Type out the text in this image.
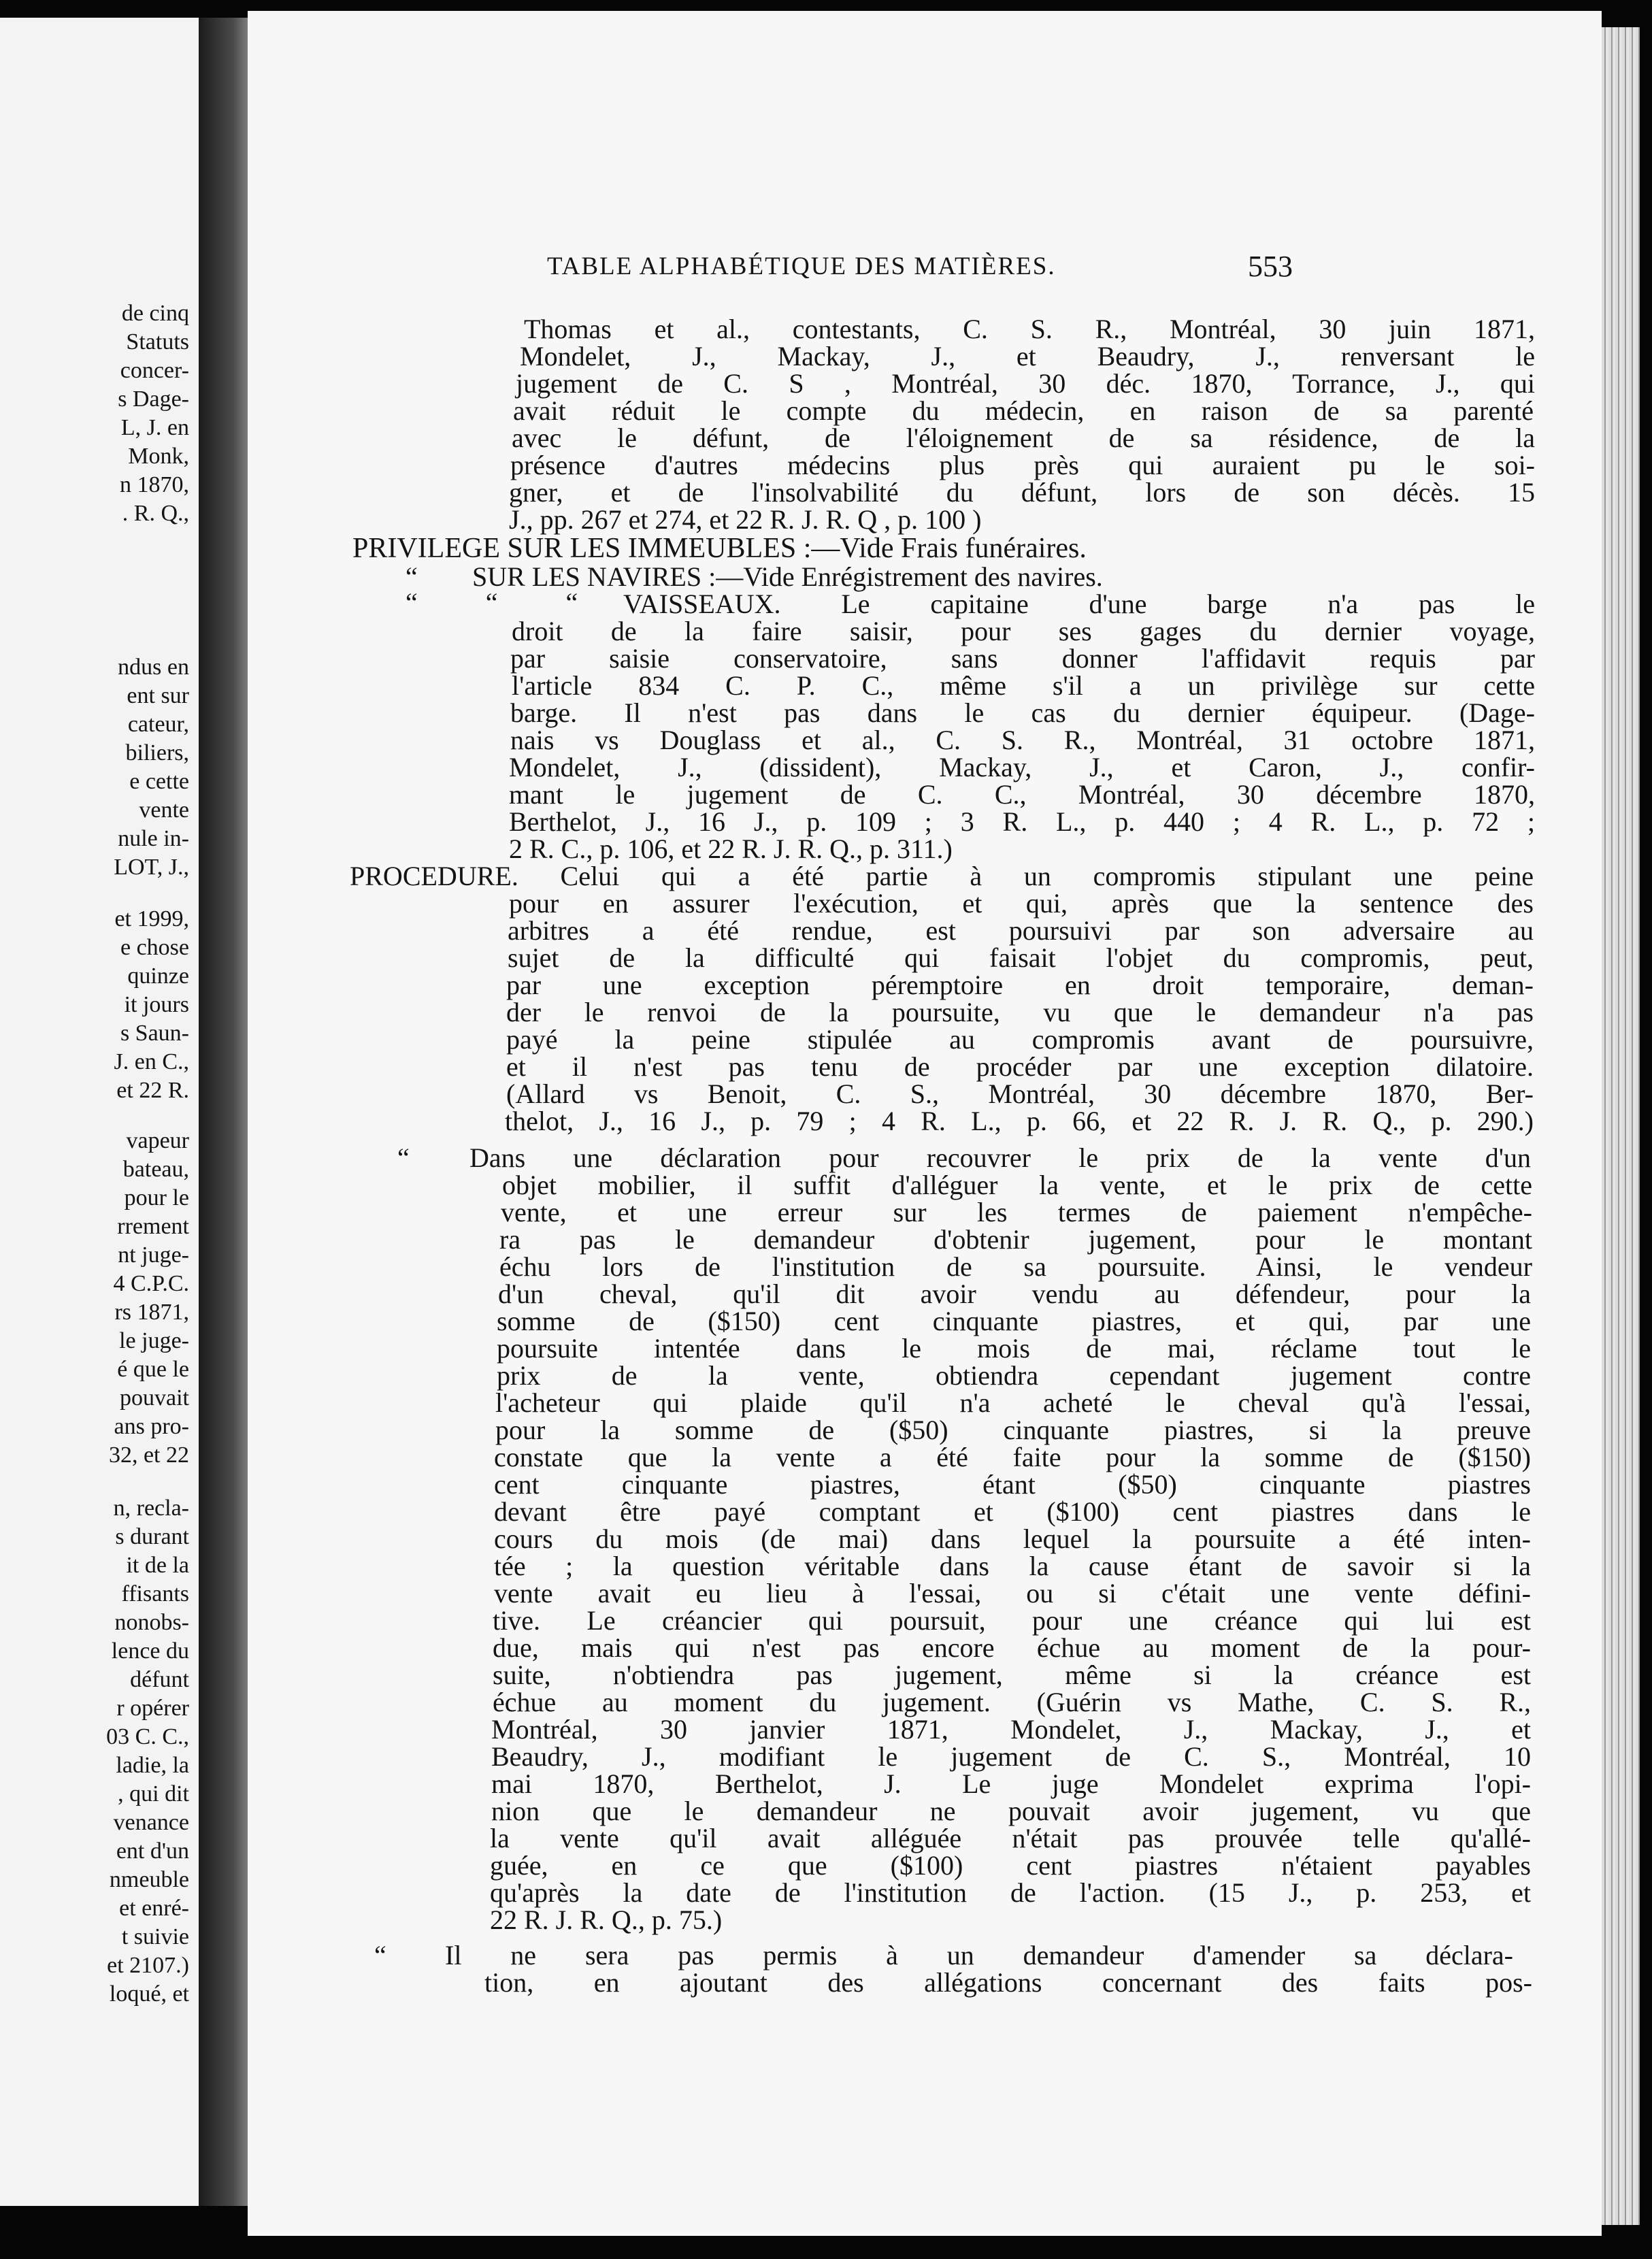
de cinq
Statuts
concer-
s Dage-
L, J. en
Monk,
n 1870,
. R. Q.,
ndus en
ent sur
cateur,
biliers,
e cette
vente
nule in-
LOT, J.,
et 1999,
e chose
quinze
it jours
s Saun-
J. en C.,
et 22 R.
vapeur
bateau,
pour le
rrement
nt juge-
4 C.P.C.
rs 1871,
le juge-
é que le
pouvait
ans pro-
32, et 22
n, recla-
s durant
it de la
ffisants
nonobs-
lence du
défunt
r opérer
03 C. C.,
ladie, la
, qui dit
venance
ent d'un
nmeuble
et enré-
t suivie
et 2107.)
loqué, et
TABLE ALPHABÉTIQUE DES MATIÈRES.	553
“
“ “ “
“
“
Thomas et al., contestants, C. S. R., Montréal, 30 juin 1871,
Mondelet, J., Mackay, J., et Beaudry, J., renversant le
jugement de C. S , Montréal, 30 déc. 1870, Torrance, J., qui
avait réduit le compte du médecin, en raison de sa parenté
avec le défunt, de l'éloignement de sa résidence, de la
présence d'autres médecins plus près qui auraient pu le soi-
gner, et de l'insolvabilité du défunt, lors de son décès. 15
J., pp. 267 et 274, et 22 R. J. R. Q , p. 100 )
PRIVILEGE SUR LES IMMEUBLES :—Vide Frais funéraires.
SUR LES NAVIRES :—Vide Enrégistrement des navires.
VAISSEAUX. Le capitaine d'une barge n'a pas le
droit de la faire saisir, pour ses gages du dernier voyage,
par saisie conservatoire, sans donner l'affidavit requis par
l'article 834 C. P. C., même s'il a un privilège sur cette
barge. Il n'est pas dans le cas du dernier équipeur. (Dage-
nais vs Douglass et al., C. S. R., Montréal, 31 octobre 1871,
Mondelet, J., (dissident), Mackay, J., et Caron, J., confir-
mant le jugement de C. C., Montréal, 30 décembre 1870,
Berthelot, J., 16 J., p. 109 ; 3 R. L., p. 440 ; 4 R. L., p. 72 ;
2 R. C., p. 106, et 22 R. J. R. Q., p. 311.)
PROCEDURE. Celui qui a été partie à un compromis stipulant une peine
pour en assurer l'exécution, et qui, après que la sentence des
arbitres a été rendue, est poursuivi par son adversaire au
sujet de la difficulté qui faisait l'objet du compromis, peut,
par une exception péremptoire en droit temporaire, deman-
der le renvoi de la poursuite, vu que le demandeur n'a pas
payé la peine stipulée au compromis avant de poursuivre,
et il n'est pas tenu de procéder par une exception dilatoire.
(Allard vs Benoit, C. S., Montréal, 30 décembre 1870, Ber-
thelot, J., 16 J., p. 79 ; 4 R. L., p. 66, et 22 R. J. R. Q., p. 290.)
Dans une déclaration pour recouvrer le prix de la vente d'un
objet mobilier, il suffit d'alléguer la vente, et le prix de cette
vente, et une erreur sur les termes de paiement n'empêche-
ra pas le demandeur d'obtenir jugement, pour le montant
échu lors de l'institution de sa poursuite. Ainsi, le vendeur
d'un cheval, qu'il dit avoir vendu au défendeur, pour la
somme de ($150) cent cinquante piastres, et qui, par une
poursuite intentée dans le mois de mai, réclame tout le
prix de la vente, obtiendra cependant jugement contre
l'acheteur qui plaide qu'il n'a acheté le cheval qu'à l'essai,
pour la somme de ($50) cinquante piastres, si la preuve
constate que la vente a été faite pour la somme de ($150)
cent cinquante piastres, étant ($50) cinquante piastres
devant être payé comptant et ($100) cent piastres dans le
cours du mois (de mai) dans lequel la poursuite a été inten-
tée ; la question véritable dans la cause étant de savoir si la
vente avait eu lieu à l'essai, ou si c'était une vente défini-
tive. Le créancier qui poursuit, pour une créance qui lui est
due, mais qui n'est pas encore échue au moment de la pour-
suite, n'obtiendra pas jugement, même si la créance est
échue au moment du jugement. (Guérin vs Mathe, C. S. R.,
Montréal, 30 janvier 1871, Mondelet, J., Mackay, J., et
Beaudry, J., modifiant le jugement de C. S., Montréal, 10
mai 1870, Berthelot, J. Le juge Mondelet exprima l'opi-
nion que le demandeur ne pouvait avoir jugement, vu que
la vente qu'il avait alléguée n'était pas prouvée telle qu'allé-
guée, en ce que ($100) cent piastres n'étaient payables
qu'après la date de l'institution de l'action. (15 J., p. 253, et
22 R. J. R. Q., p. 75.)
Il ne sera pas permis à un demandeur d'amender sa déclara-
tion, en ajoutant des allégations concernant des faits pos-
